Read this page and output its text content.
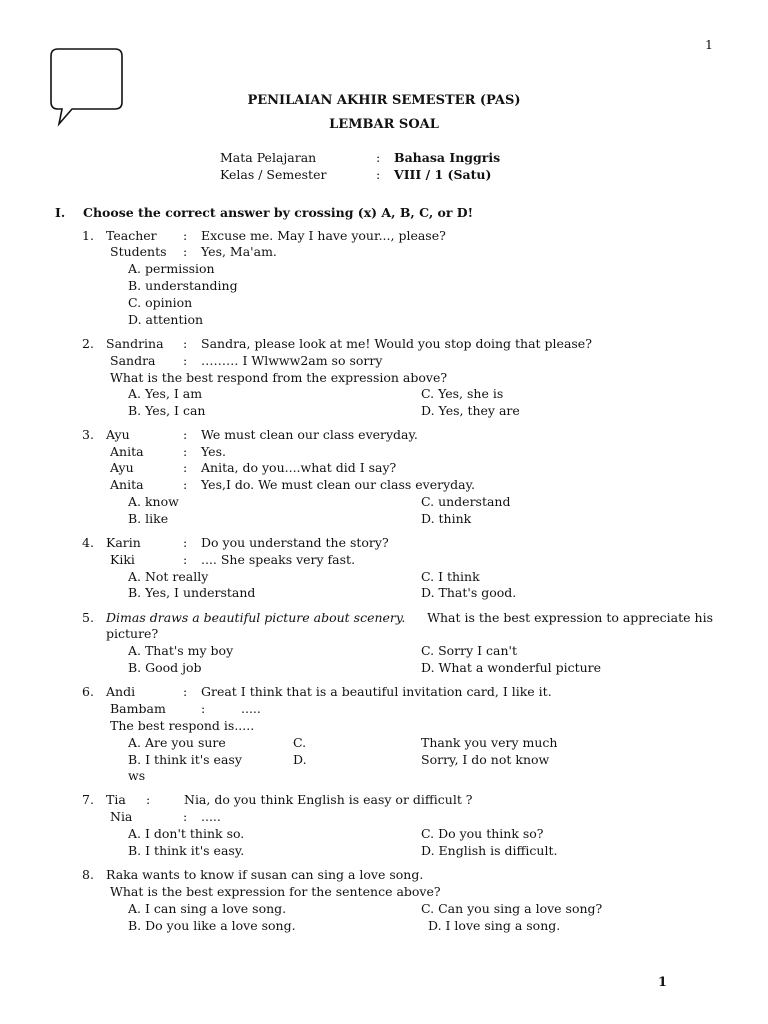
1
PENILAIAN AKHIR SEMESTER (PAS)
LEMBAR SOAL
Mata Pelajaran	: Bahasa Inggris
Kelas / Semester	: VIII / 1 (Satu)
I. Choose the correct answer by crossing (x) A, B, C, or D!
1. Teacher : Excuse me. May I have your..., please?
Students : Yes, Ma'am.
A. permission
B. understanding
C. opinion
D. attention
2. Sandrina : Sandra, please look at me! Would you stop doing that please?
Sandra : ……… I Wlwww2am so sorry
What is the best respond from the expression above?
A. Yes, I am	C. Yes, she is
B. Yes, I can	D. Yes, they are
3. Ayu	: We must clean our class everyday.
Anita	: Yes.
Ayu	: Anita, do you....what did I say?
Anita	: Yes,I do. We must clean our class everyday.
A. know	C. understand
B. like	D. think
4. Karin	: Do you understand the story?
Kiki	: .... She speaks very fast.
A. Not really	C. I think
B. Yes, I understand	D. That's good.
5. Dimas draws a beautiful picture about scenery. What is the best expression to appreciate his
picture?
A. That's my boy	C. Sorry I can't
B. Good job	D. What a wonderful picture
6. Andi	: Great I think that is a beautiful invitation card, I like it.
Bambam	:	.....
The best respond is.....
A. Are you sure	C.	Thank you very much
B. I think it's easy	D.	Sorry, I do not know
ws
7. Tia :	Nia, do you think English is easy or difficult ?
Nia	: .....
A. I don't think so.	C. Do you think so?
B. I think it's easy.	D. English is difficult.
8. Raka wants to know if susan can sing a love song.
What is the best expression for the sentence above?
A. I can sing a love song.	C. Can you sing a love song?
B. Do you like a love song.	D. I love sing a song.
1
